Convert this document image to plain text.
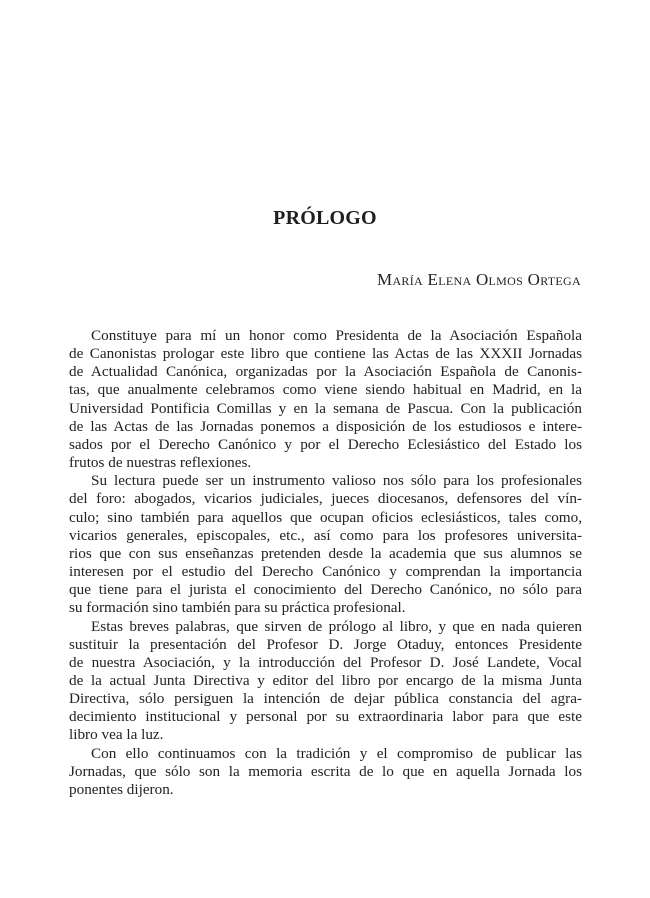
PRÓLOGO
María Elena Olmos Ortega

Constituye para mí un honor como Presidenta de la Asociación Española
de Canonistas prologar este libro que contiene las Actas de las XXXII Jornadas
de Actualidad Canónica, organizadas por la Asociación Española de Canonis-
tas, que anualmente celebramos como viene siendo habitual en Madrid, en la
Universidad Pontificia Comillas y en la semana de Pascua. Con la publicación
de las Actas de las Jornadas ponemos a disposición de los estudiosos e intere-
sados por el Derecho Canónico y por el Derecho Eclesiástico del Estado los
frutos de nuestras reflexiones.

Su lectura puede ser un instrumento valioso nos sólo para los profesionales
del foro: abogados, vicarios judiciales, jueces diocesanos, defensores del vín-
culo; sino también para aquellos que ocupan oficios eclesiásticos, tales como,
vicarios generales, episcopales, etc., así como para los profesores universita-
rios que con sus enseñanzas pretenden desde la academia que sus alumnos se
interesen por el estudio del Derecho Canónico y comprendan la importancia
que tiene para el jurista el conocimiento del Derecho Canónico, no sólo para
su formación sino también para su práctica profesional.

Estas breves palabras, que sirven de prólogo al libro, y que en nada quieren
sustituir la presentación del Profesor D. Jorge Otaduy, entonces Presidente
de nuestra Asociación, y la introducción del Profesor D. José Landete, Vocal
de la actual Junta Directiva y editor del libro por encargo de la misma Junta
Directiva, sólo persiguen la intención de dejar pública constancia del agra-
decimiento institucional y personal por su extraordinaria labor para que este
libro vea la luz.

Con ello continuamos con la tradición y el compromiso de publicar las
Jornadas, que sólo son la memoria escrita de lo que en aquella Jornada los
ponentes dijeron.
